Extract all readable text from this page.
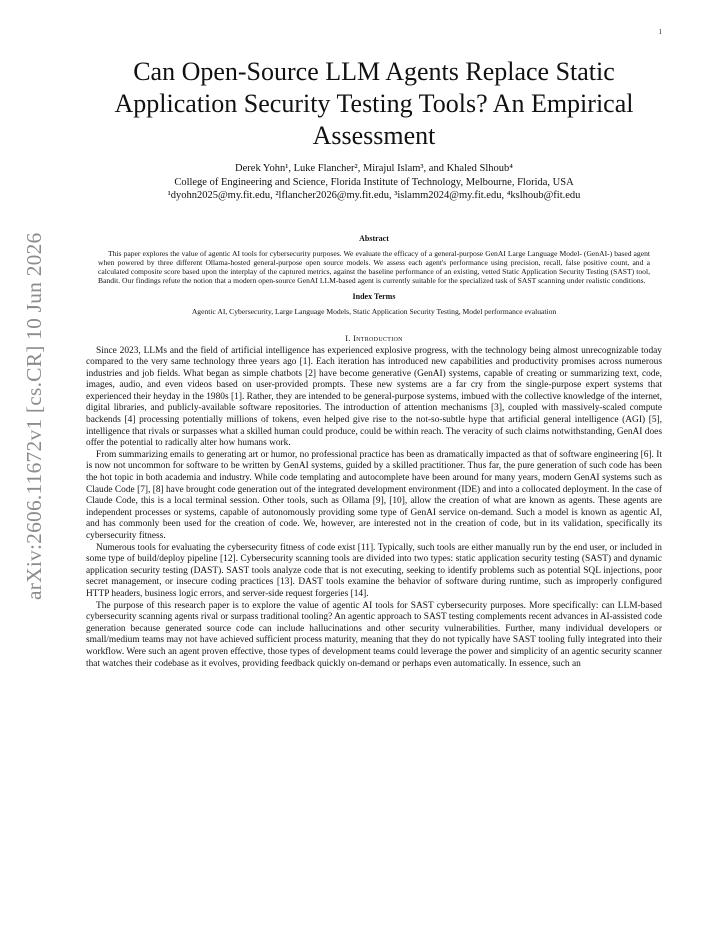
1
arXiv:2606.11672v1 [cs.CR] 10 Jun 2026
Can Open-Source LLM Agents Replace Static Application Security Testing Tools? An Empirical Assessment
Derek Yohn¹, Luke Flancher², Mirajul Islam³, and Khaled Slhoub⁴
College of Engineering and Science, Florida Institute of Technology, Melbourne, Florida, USA
¹dyohn2025@my.fit.edu, ²lflancher2026@my.fit.edu, ³islamm2024@my.fit.edu, ⁴kslhoub@fit.edu
Abstract

This paper explores the value of agentic AI tools for cybersecurity purposes. We evaluate the efficacy of a general-purpose GenAI Large Language Model- (GenAI-) based agent when powered by three different Ollama-hosted general-purpose open source models. We assess each agent's performance using precision, recall, false positive count, and a calculated composite score based upon the interplay of the captured metrics, against the baseline performance of an existing, vetted Static Application Security Testing (SAST) tool, Bandit. Our findings refute the notion that a modern open-source GenAI LLM-based agent is currently suitable for the specialized task of SAST scanning under realistic conditions.

Index Terms
Agentic AI, Cybersecurity, Large Language Models, Static Application Security Testing, Model performance evaluation
I. Introduction

Since 2023, LLMs and the field of artificial intelligence has experienced explosive progress, with the technology being almost unrecognizable today compared to the very same technology three years ago [1]. Each iteration has introduced new capabilities and productivity promises across numerous industries and job fields. What began as simple chatbots [2] have become generative (GenAI) systems, capable of creating or summarizing text, code, images, audio, and even videos based on user-provided prompts. These new systems are a far cry from the single-purpose expert systems that experienced their heyday in the 1980s [1]. Rather, they are intended to be general-purpose systems, imbued with the collective knowledge of the internet, digital libraries, and publicly-available software repositories. The introduction of attention mechanisms [3], coupled with massively-scaled compute backends [4] processing potentially millions of tokens, even helped give rise to the not-so-subtle hype that artificial general intelligence (AGI) [5], intelligence that rivals or surpasses what a skilled human could produce, could be within reach. The veracity of such claims notwithstanding, GenAI does offer the potential to radically alter how humans work.

From summarizing emails to generating art or humor, no professional practice has been as dramatically impacted as that of software engineering [6]. It is now not uncommon for software to be written by GenAI systems, guided by a skilled practitioner. Thus far, the pure generation of such code has been the hot topic in both academia and industry. While code templating and autocomplete have been around for many years, modern GenAI systems such as Claude Code [7], [8] have brought code generation out of the integrated development environment (IDE) and into a collocated deployment. In the case of Claude Code, this is a local terminal session. Other tools, such as Ollama [9], [10], allow the creation of what are known as agents. These agents are independent processes or systems, capable of autonomously providing some type of GenAI service on-demand. Such a model is known as agentic AI, and has commonly been used for the creation of code. We, however, are interested not in the creation of code, but in its validation, specifically its cybersecurity fitness.

Numerous tools for evaluating the cybersecurity fitness of code exist [11]. Typically, such tools are either manually run by the end user, or included in some type of build/deploy pipeline [12]. Cybersecurity scanning tools are divided into two types: static application security testing (SAST) and dynamic application security testing (DAST). SAST tools analyze code that is not executing, seeking to identify problems such as potential SQL injections, poor secret management, or insecure coding practices [13]. DAST tools examine the behavior of software during runtime, such as improperly configured HTTP headers, business logic errors, and server-side request forgeries [14].

The purpose of this research paper is to explore the value of agentic AI tools for SAST cybersecurity purposes. More specifically: can LLM-based cybersecurity scanning agents rival or surpass traditional tooling? An agentic approach to SAST testing complements recent advances in AI-assisted code generation because generated source code can include hallucinations and other security vulnerabilities. Further, many individual developers or small/medium teams may not have achieved sufficient process maturity, meaning that they do not typically have SAST tooling fully integrated into their workflow. Were such an agent proven effective, those types of development teams could leverage the power and simplicity of an agentic security scanner that watches their codebase as it evolves, providing feedback quickly on-demand or perhaps even automatically. In essence, such an
